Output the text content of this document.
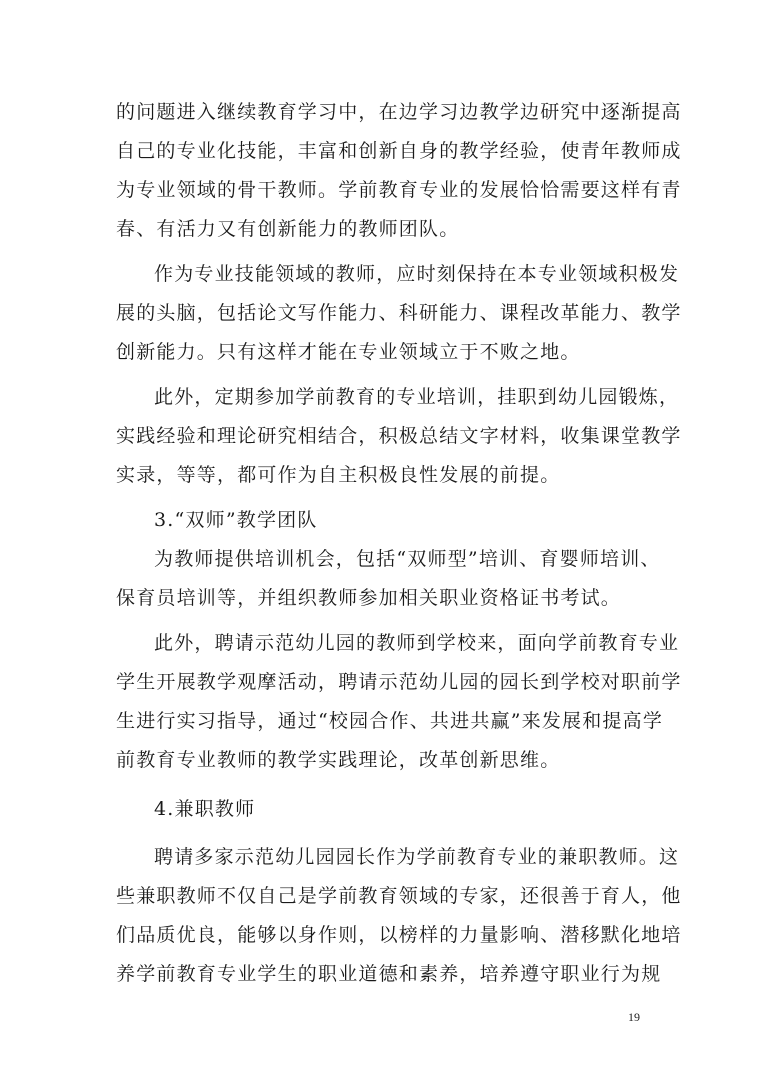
的问题进入继续教育学习中，在边学习边教学边研究中逐渐提高
自己的专业化技能，丰富和创新自身的教学经验，使青年教师成
为专业领域的骨干教师。学前教育专业的发展恰恰需要这样有青
春、有活力又有创新能力的教师团队。
作为专业技能领域的教师，应时刻保持在本专业领域积极发
展的头脑，包括论文写作能力、科研能力、课程改革能力、教学
创新能力。只有这样才能在专业领域立于不败之地。
此外，定期参加学前教育的专业培训，挂职到幼儿园锻炼，
实践经验和理论研究相结合，积极总结文字材料，收集课堂教学
实录，等等，都可作为自主积极良性发展的前提。
3.“双师”教学团队
为教师提供培训机会，包括“双师型”培训、育婴师培训、
保育员培训等，并组织教师参加相关职业资格证书考试。
此外，聘请示范幼儿园的教师到学校来，面向学前教育专业
学生开展教学观摩活动，聘请示范幼儿园的园长到学校对职前学
生进行实习指导，通过“校园合作、共进共赢”来发展和提高学
前教育专业教师的教学实践理论，改革创新思维。
4.兼职教师
聘请多家示范幼儿园园长作为学前教育专业的兼职教师。这
些兼职教师不仅自己是学前教育领域的专家，还很善于育人，他
们品质优良，能够以身作则，以榜样的力量影响、潜移默化地培
养学前教育专业学生的职业道德和素养，培养遵守职业行为规
19
